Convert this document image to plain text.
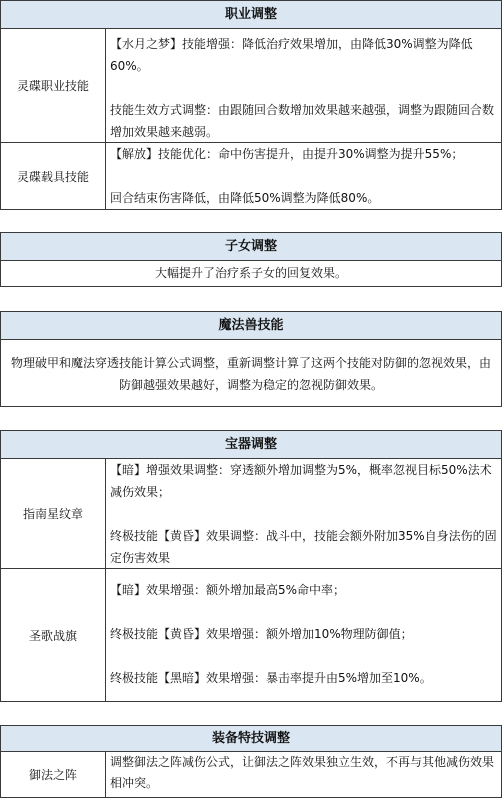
职业调整
灵碟职业技能

【水月之梦】技能增强：降低治疗效果增加，由降低30%调整为降低60%。

技能生效方式调整：由跟随回合数增加效果越来越强，调整为跟随回合数增加效果越来越弱。

灵碟载具技能

【解放】技能优化：命中伤害提升，由提升30%调整为提升55%；

回合结束伤害降低，由降低50%调整为降低80%。

子女调整
大幅提升了治疗系子女的回复效果。
魔法兽技能
物理破甲和魔法穿透技能计算公式调整，重新调整计算了这两个技能对防御的忽视效果，由防御越强效果越好，调整为稳定的忽视防御效果。
宝器调整
指南星纹章

【暗】增强效果调整：穿透额外增加调整为5%，概率忽视目标50%法术减伤效果；

终极技能【黄昏】效果调整：战斗中，技能会额外附加35%自身法伤的固定伤害效果

圣歌战旗

【暗】效果增强：额外增加最高5%命中率；

终极技能【黄昏】效果增强：额外增加10%物理防御值；

终极技能【黑暗】效果增强：暴击率提升由5%增加至10%。

装备特技调整
御法之阵
调整御法之阵减伤公式，让御法之阵效果独立生效，不再与其他减伤效果相冲突。
